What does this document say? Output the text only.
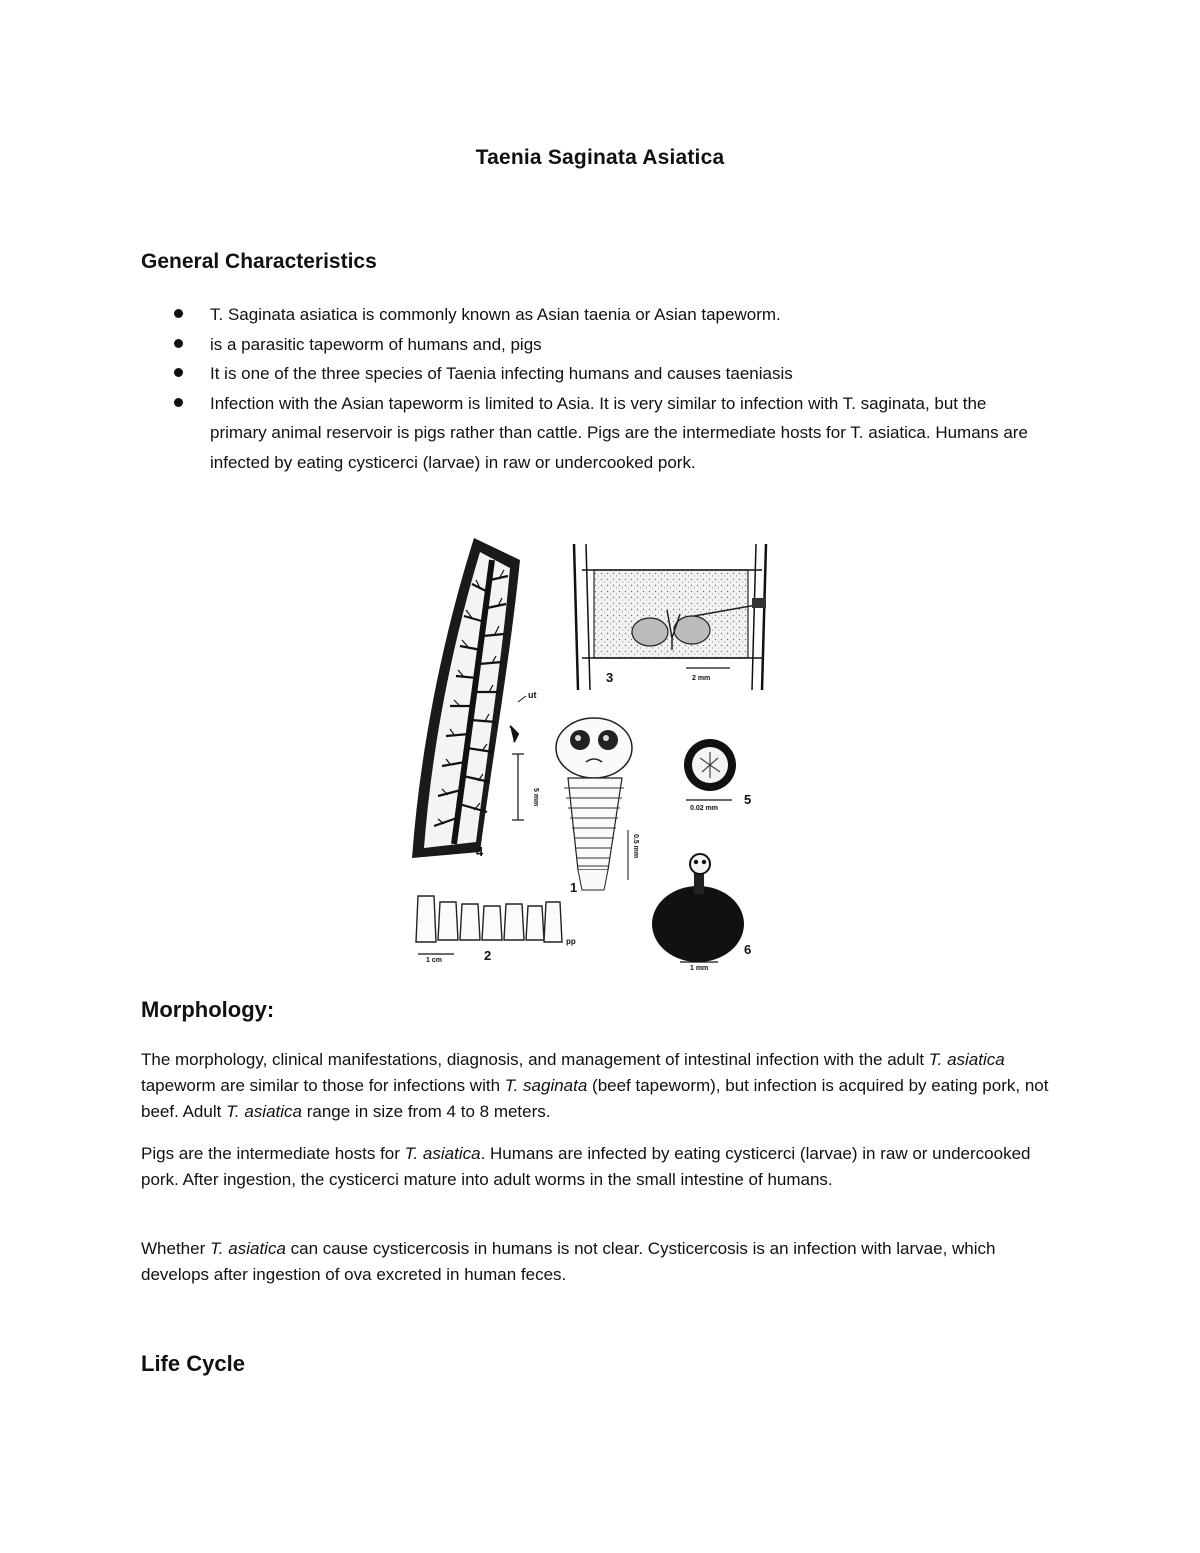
Taenia Saginata Asiatica
General Characteristics
T. Saginata asiatica is commonly known as Asian taenia or Asian tapeworm.
is a parasitic tapeworm of humans and, pigs
It is one of the three species of Taenia infecting humans and causes taeniasis
Infection with the Asian tapeworm is limited to Asia. It is very similar to infection with T. saginata, but the primary animal reservoir is pigs rather than cattle. Pigs are the intermediate hosts for T. asiatica. Humans are infected by eating cysticerci (larvae) in raw or undercooked pork.
ut
5 mm
4
3	2 mm
0.5 mm
1
0.02 mm
5
1 mm
6
1 cm	2
pp
Morphology:

The morphology, clinical manifestations, diagnosis, and management of intestinal infection with the adult T. asiatica tapeworm are similar to those for infections with T. saginata (beef tapeworm), but infection is acquired by eating pork, not beef. Adult T. asiatica range in size from 4 to 8 meters.

Pigs are the intermediate hosts for T. asiatica. Humans are infected by eating cysticerci (larvae) in raw or undercooked pork. After ingestion, the cysticerci mature into adult worms in the small intestine of humans.

Whether T. asiatica can cause cysticercosis in humans is not clear. Cysticercosis is an infection with larvae, which develops after ingestion of ova excreted in human feces.

Life Cycle
